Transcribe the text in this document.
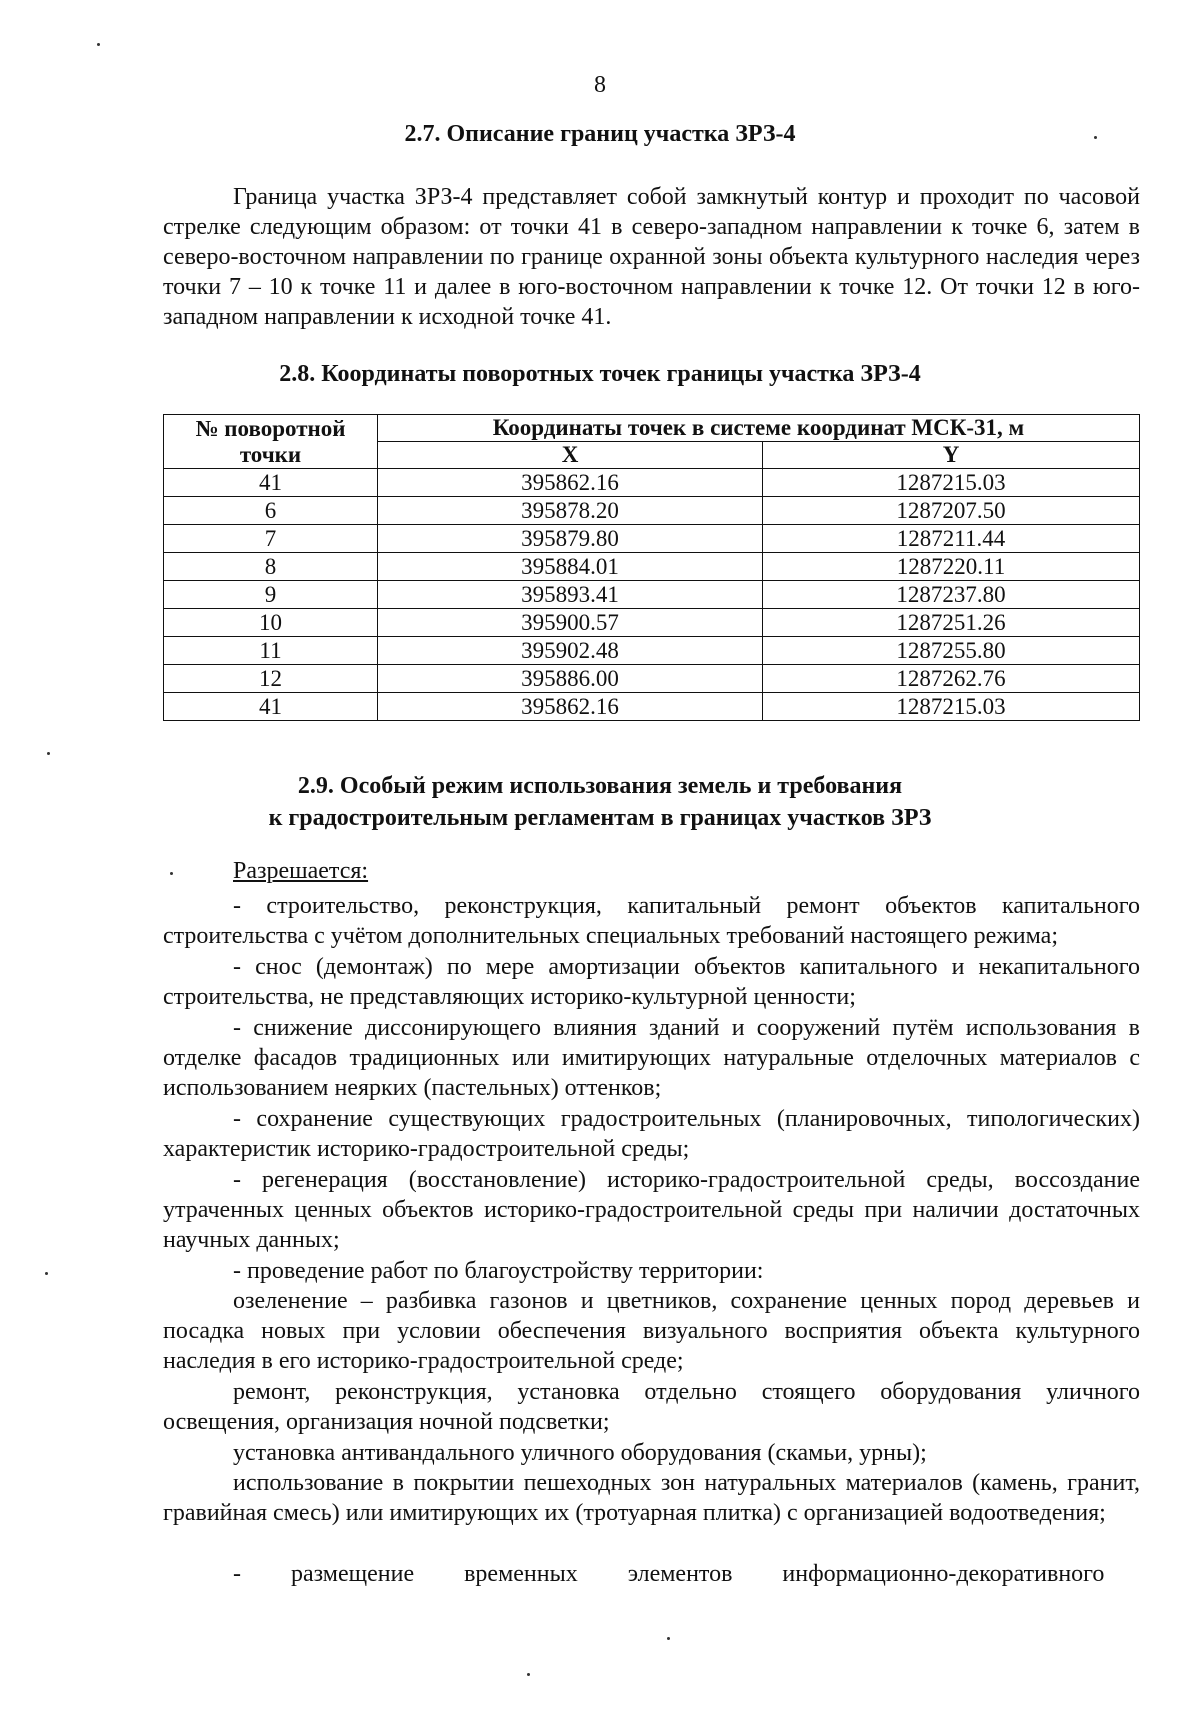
8
2.7. Описание границ участка ЗРЗ-4
Граница участка ЗРЗ-4 представляет собой замкнутый контур и проходит по часовой стрелке следующим образом: от точки 41 в северо-западном направлении к точке 6, затем в северо-восточном направлении по границе охранной зоны объекта культурного наследия через точки 7 – 10 к точке 11 и далее в юго-восточном направлении к точке 12. От точки 12 в юго-западном направлении к исходной точке 41.
2.8. Координаты поворотных точек границы участка ЗРЗ-4
№ поворотной точки	Координаты точек в системе координат МСК-31, м	
	X	Y
41	395862.16	1287215.03
6	395878.20	1287207.50
7	395879.80	1287211.44
8	395884.01	1287220.11
9	395893.41	1287237.80
10	395900.57	1287251.26
11	395902.48	1287255.80
12	395886.00	1287262.76
41	395862.16	1287215.03
2.9. Особый режим использования земель и требования
к градостроительным регламентам в границах участков ЗРЗ
Разрешается:
- строительство, реконструкция, капитальный ремонт объектов капитального строительства с учётом дополнительных специальных требований настоящего режима;
- снос (демонтаж) по мере амортизации объектов капитального и некапитального строительства, не представляющих историко-культурной ценности;
- снижение диссонирующего влияния зданий и сооружений путём использования в отделке фасадов традиционных или имитирующих натуральные отделочных материалов с использованием неярких (пастельных) оттенков;
- сохранение существующих градостроительных (планировочных, типологических) характеристик историко-градостроительной среды;
- регенерация (восстановление) историко-градостроительной среды, воссоздание утраченных ценных объектов историко-градостроительной среды при наличии достаточных научных данных;
- проведение работ по благоустройству территории:
озеленение – разбивка газонов и цветников, сохранение ценных пород деревьев и посадка новых при условии обеспечения визуального восприятия объекта культурного наследия в его историко-градостроительной среде;
ремонт, реконструкция, установка отдельно стоящего оборудования уличного освещения, организация ночной подсветки;
установка антивандального уличного оборудования (скамьи, урны);
использование в покрытии пешеходных зон натуральных материалов (камень, гранит, гравийная смесь) или имитирующих их (тротуарная плитка) с организацией водоотведения;
- размещение временных элементов информационно-декоративного
